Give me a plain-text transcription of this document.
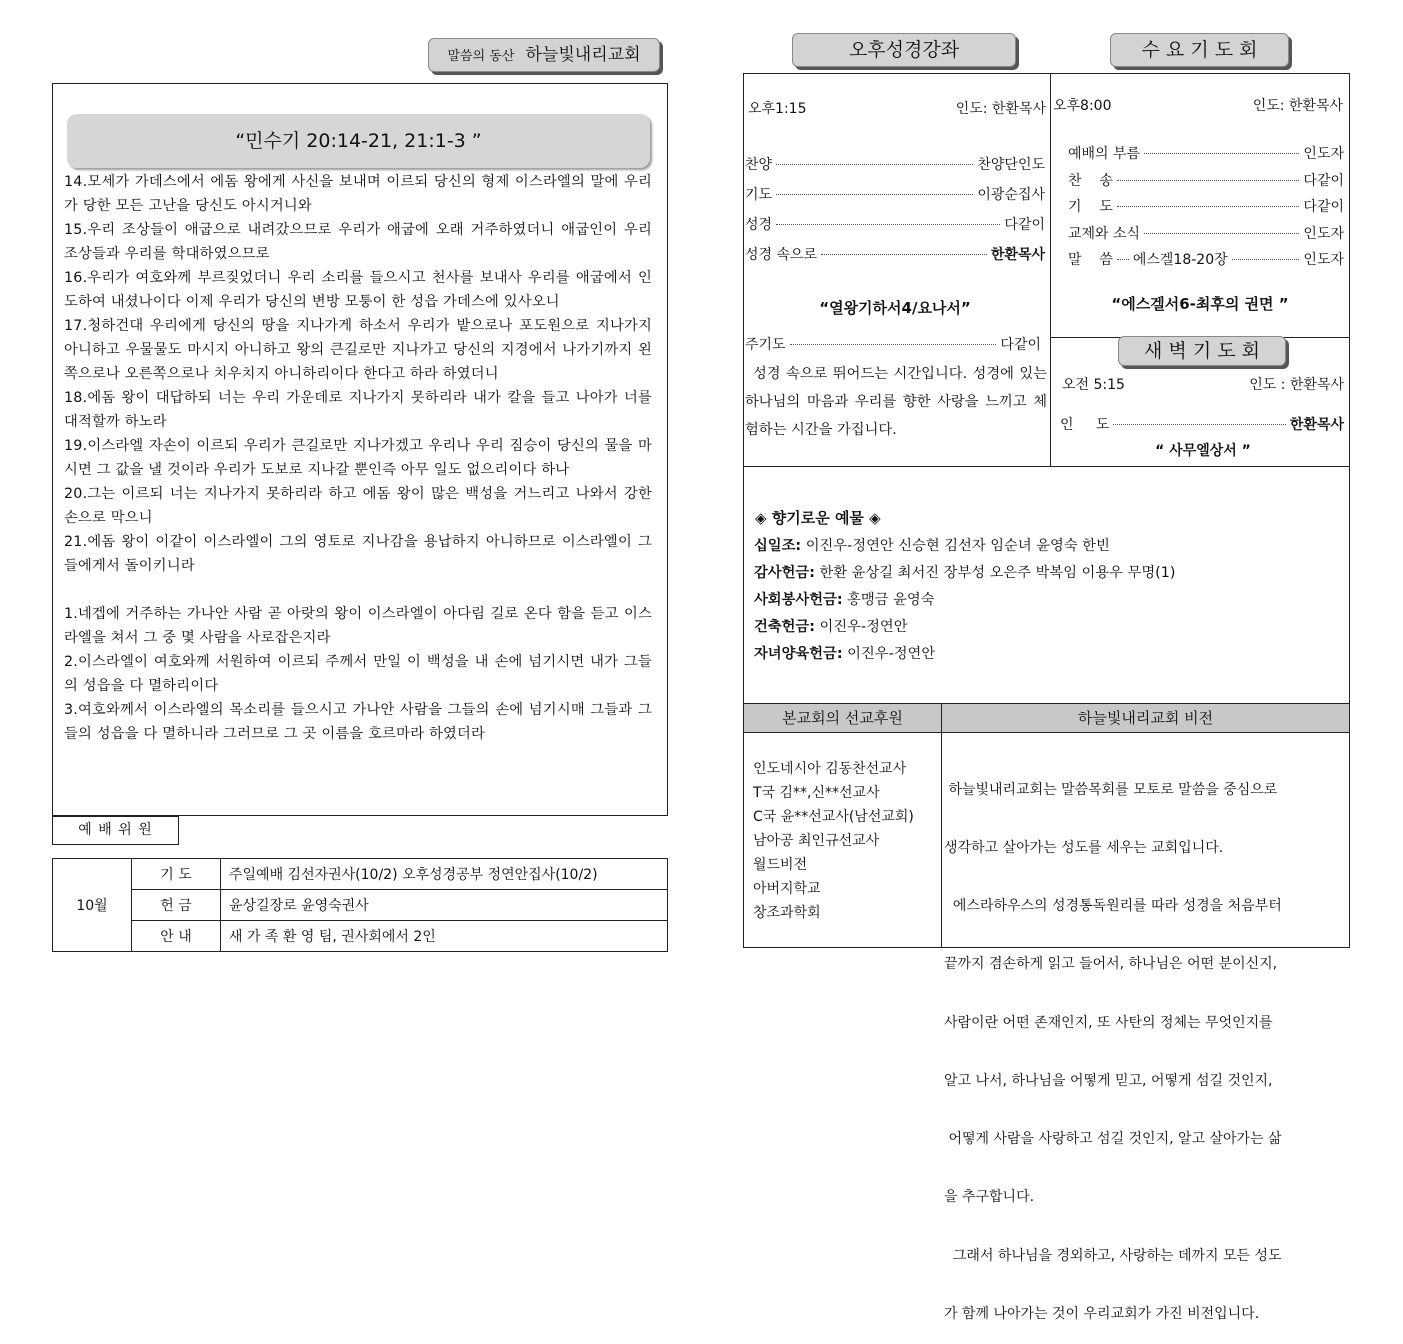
말씀의 동산 하늘빛내리교회
“민수기 20:14-21, 21:1-3 ”

14.모세가 가데스에서 에돔 왕에게 사신을 보내며 이르되 당신의 형제 이스라엘의 말에 우리가 당한 모든 고난을 당신도 아시거니와

15.우리 조상들이 애굽으로 내려갔으므로 우리가 애굽에 오래 거주하였더니 애굽인이 우리 조상들과 우리를 학대하였으므로

16.우리가 여호와께 부르짖었더니 우리 소리를 들으시고 천사를 보내사 우리를 애굽에서 인도하여 내셨나이다 이제 우리가 당신의 변방 모퉁이 한 성읍 가데스에 있사오니

17.청하건대 우리에게 당신의 땅을 지나가게 하소서 우리가 밭으로나 포도원으로 지나가지 아니하고 우물물도 마시지 아니하고 왕의 큰길로만 지나가고 당신의 지경에서 나가기까지 왼쪽으로나 오른쪽으로나 치우치지 아니하리이다 한다고 하라 하였더니

18.에돔 왕이 대답하되 너는 우리 가운데로 지나가지 못하리라 내가 칼을 들고 나아가 너를 대적할까 하노라

19.이스라엘 자손이 이르되 우리가 큰길로만 지나가겠고 우리나 우리 짐승이 당신의 물을 마시면 그 값을 낼 것이라 우리가 도보로 지나갈 뿐인즉 아무 일도 없으리이다 하나

20.그는 이르되 너는 지나가지 못하리라 하고 에돔 왕이 많은 백성을 거느리고 나와서 강한 손으로 막으니

21.에돔 왕이 이같이 이스라엘이 그의 영토로 지나감을 용납하지 아니하므로 이스라엘이 그들에게서 돌이키니라

1.네겝에 거주하는 가나안 사람 곧 아랏의 왕이 이스라엘이 아다림 길로 온다 함을 듣고 이스라엘을 쳐서 그 중 몇 사람을 사로잡은지라

2.이스라엘이 여호와께 서원하여 이르되 주께서 만일 이 백성을 내 손에 넘기시면 내가 그들의 성읍을 다 멸하리이다

3.여호와께서 이스라엘의 목소리를 들으시고 가나안 사람을 그들의 손에 넘기시매 그들과 그들의 성읍을 다 멸하니라 그러므로 그 곳 이름을 호르마라 하였더라

예 배 위 원
10월	기 도	주일예배 김선자권사(10/2) 오후성경공부 정연안집사(10/2)
	헌 금	윤상길장로 윤영숙권사
	안 내	새 가 족 환 영 팀, 권사회에서 2인
오후성경강좌	수 요 기 도 회
오후1:15	인도: 한환목사
찬양	찬양단인도
기도	이광순집사
성경	다같이
성경 속으로	한환목사
“열왕기하서4/요나서”
주기도	다같이
성경 속으로 뛰어드는 시간입니다. 성경에 있는 하나님의 마음과 우리를 향한 사랑을 느끼고 체험하는 시간을 가집니다.
오후8:00	인도: 한환목사
예배의 부름	인도자
찬    송	다같이
기    도	다같이
교제와 소식	인도자
말    씀 에스겔18-20장	인도자
“에스겔서6-최후의 권면 ”
새 벽 기 도 회
오전 5:15	인도 : 한환목사
인     도	한환목사
“ 사무엘상서 ”
◈ 향기로운 예물 ◈
십일조: 이진우-정연안 신승현 김선자 임순녀 윤영숙 한빈
감사헌금: 한환 윤상길 최서진 장부성 오은주 박복임 이용우 무명(1)
사회봉사헌금: 홍맹금 윤영숙
건축헌금: 이진우-정연안
자녀양육헌금: 이진우-정연안
본교회의 선교후원	하늘빛내리교회 비전
인도네시아 김동찬선교사
T국 김**,신**선교사
C국 윤**선교사(남선교회)
남아공 최인규선교사
월드비전
아버지학교
창조과학회

하늘빛내리교회는 말씀목회를 모토로 말씀을 중심으로

생각하고 살아가는 성도를 세우는 교회입니다.

에스라하우스의 성경통독원리를 따라 성경을 처음부터

끝까지 겸손하게 읽고 들어서, 하나님은 어떤 분이신지,

사람이란 어떤 존재인지, 또 사탄의 정체는 무엇인지를

알고 나서, 하나님을 어떻게 믿고, 어떻게 섬길 것인지,

어떻게 사람을 사랑하고 섬길 것인지, 알고 살아가는 삶

을 추구합니다.

그래서 하나님을 경외하고, 사랑하는 데까지 모든 성도

가 함께 나아가는 것이 우리교회가 가진 비전입니다.
